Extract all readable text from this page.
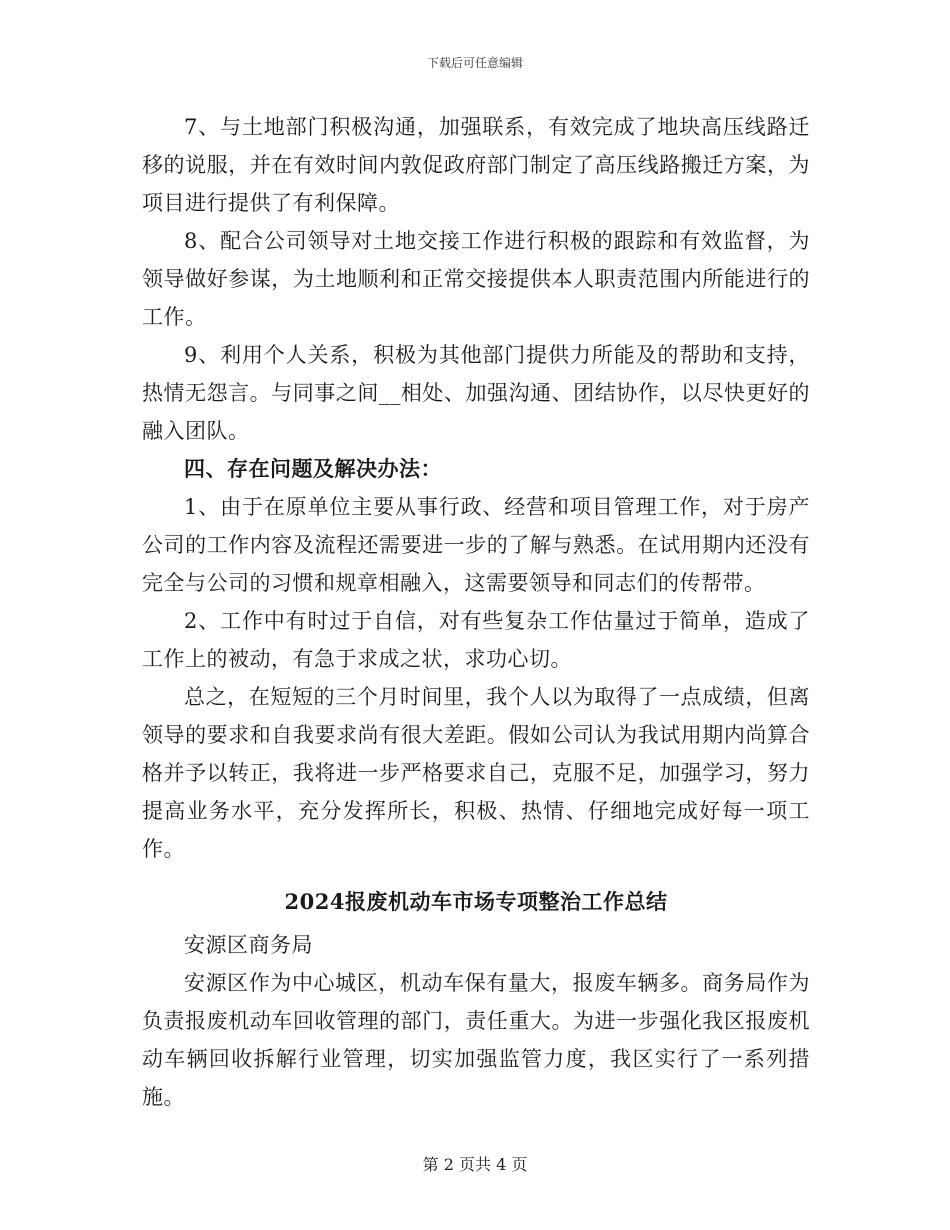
下载后可任意编辑

7、与土地部门积极沟通，加强联系，有效完成了地块高压线路迁移的说服，并在有效时间内敦促政府部门制定了高压线路搬迁方案，为项目进行提供了有利保障。

8、配合公司领导对土地交接工作进行积极的跟踪和有效监督，为领导做好参谋，为土地顺利和正常交接提供本人职责范围内所能进行的工作。

9、利用个人关系，积极为其他部门提供力所能及的帮助和支持，热情无怨言。与同事之间__相处、加强沟通、团结协作，以尽快更好的融入团队。

四、存在问题及解决办法：

1、由于在原单位主要从事行政、经营和项目管理工作，对于房产公司的工作内容及流程还需要进一步的了解与熟悉。在试用期内还没有完全与公司的习惯和规章相融入，这需要领导和同志们的传帮带。

2、工作中有时过于自信，对有些复杂工作估量过于简单，造成了工作上的被动，有急于求成之状，求功心切。

总之，在短短的三个月时间里，我个人以为取得了一点成绩，但离领导的要求和自我要求尚有很大差距。假如公司认为我试用期内尚算合格并予以转正，我将进一步严格要求自己，克服不足，加强学习，努力提高业务水平，充分发挥所长，积极、热情、仔细地完成好每一项工作。

2024报废机动车市场专项整治工作总结

安源区商务局

安源区作为中心城区，机动车保有量大，报废车辆多。商务局作为负责报废机动车回收管理的部门，责任重大。为进一步强化我区报废机动车辆回收拆解行业管理，切实加强监管力度，我区实行了一系列措施。

第 2 页共 4 页
